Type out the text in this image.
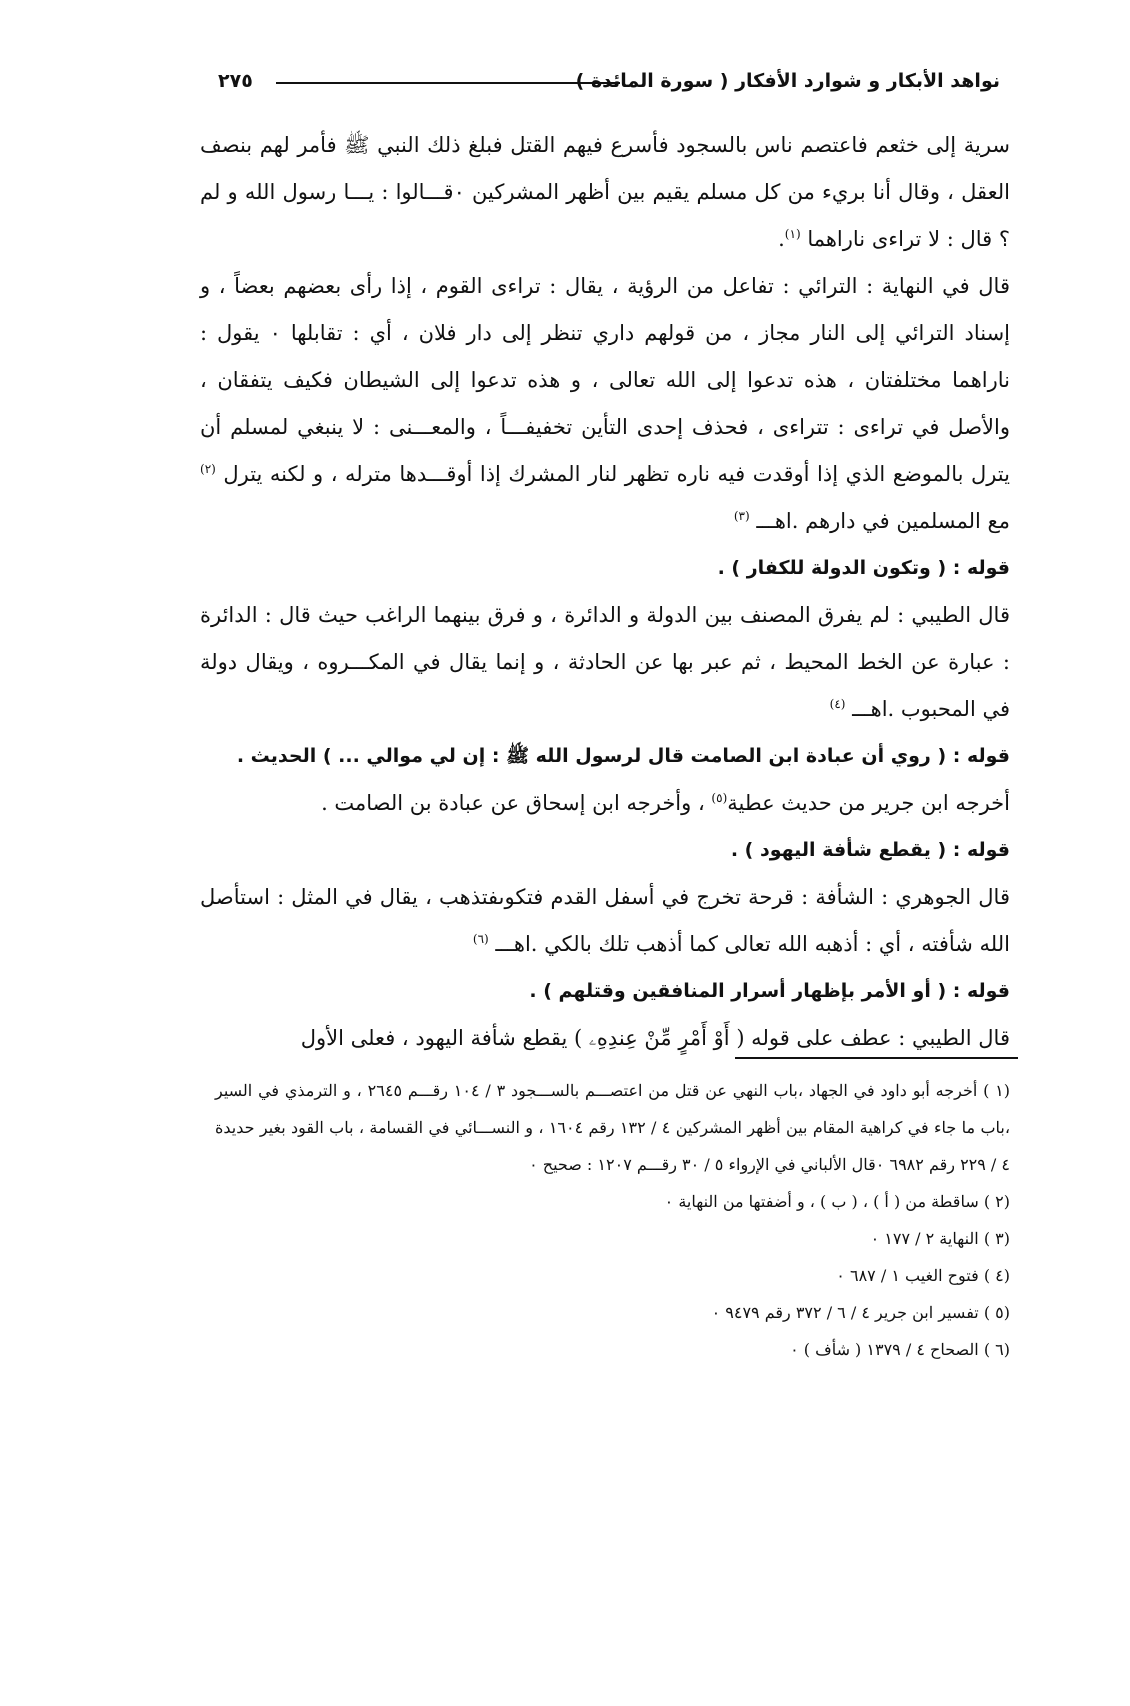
نواهد الأبكار و شوارد الأفكار ( سورة المائدة )
٢٧٥

سرية إلى خثعم فاعتصم ناس بالسجود فأسرع فيهم القتل فبلغ ذلك النبي ﷺ فأمر لهم بنصف العقل ، وقال أنا بريء من كل مسلم يقيم بين أظهر المشركين ٠قـــالوا : يـــا رسول الله و لم ؟ قال : لا تراءى ناراهما $^{(١)}$.

قال في النهاية : الترائي : تفاعل من الرؤية ، يقال : تراءى القوم ، إذا رأى بعضهم بعضاً ، و إسناد الترائي إلى النار مجاز ، من قولهم داري تنظر إلى دار فلان ، أي : تقابلها ٠ يقول : ناراهما مختلفتان ، هذه تدعوا إلى الله تعالى ، و هذه تدعوا إلى الشيطان فكيف يتفقان ، والأصل في تراءى : تتراءى ، فحذف إحدى التأين تخفيفـــاً ، والمعـــنى : لا ينبغي لمسلم أن يترل بالموضع الذي إذا أوقدت فيه ناره تظهر لنار المشرك إذا أوقـــدها مترله ، و لكنه يترل $^{(٢)}$ مع المسلمين في دارهم .اهـــ $^{(٣)}$

قوله : ( وتكون الدولة للكفار ) .

قال الطيبي : لم يفرق المصنف بين الدولة و الدائرة ، و فرق بينهما الراغب حيث قال : الدائرة : عبارة عن الخط المحيط ، ثم عبر بها عن الحادثة ، و إنما يقال في المكـــروه ، ويقال دولة في المحبوب .اهـــ $^{(٤)}$

قوله : ( روي أن عبادة ابن الصامت قال لرسول الله ﷺ : إن لي موالي ... ) الحديث .

أخرجه ابن جرير من حديث عطية$^{(٥)}$ ، وأخرجه ابن إسحاق عن عبادة بن الصامت .

قوله : ( يقطع شأفة اليهود ) .

قال الجوهري : الشأفة : قرحة تخرج في أسفل القدم فتكوىفتذهب ، يقال في المثل : استأصل الله شأفته ، أي : أذهبه الله تعالى كما أذهب تلك بالكي .اهـــ $^{(٦)}$

قوله : ( أو الأمر بإظهار أسرار المنافقين وقتلهم ) .

قال الطيبي : عطف على قوله ( أَوْ أَمْرٍ مِّنْ عِندِهِۦ ) يقطع شأفة اليهود ، فعلى الأول

(١ ) أخرجه أبو داود في الجهاد ،باب النهي عن قتل من اعتصـــم بالســـجود ٣ / ١٠٤ رقـــم ٢٦٤٥ ، و الترمذي في السير ،باب ما جاء في كراهية المقام بين أظهر المشركين ٤ / ١٣٢ رقم ١٦٠٤ ، و النســـائي في القسامة ، باب القود بغير حديدة ٤ / ٢٢٩ رقم ٦٩٨٢ ٠قال الألباني في الإرواء ٥ / ٣٠ رقـــم ١٢٠٧ : صحيح ٠

(٢ ) ساقطة من ( أ ) ، ( ب ) ، و أضفتها من النهاية ٠

(٣ ) النهاية ٢ / ١٧٧ ٠

(٤ ) فتوح الغيب ١ / ٦٨٧ ٠

(٥ ) تفسير ابن جرير ٤ / ٦ / ٣٧٢ رقم ٩٤٧٩ ٠

(٦ ) الصحاح ٤ / ١٣٧٩ ( شأف ) ٠
